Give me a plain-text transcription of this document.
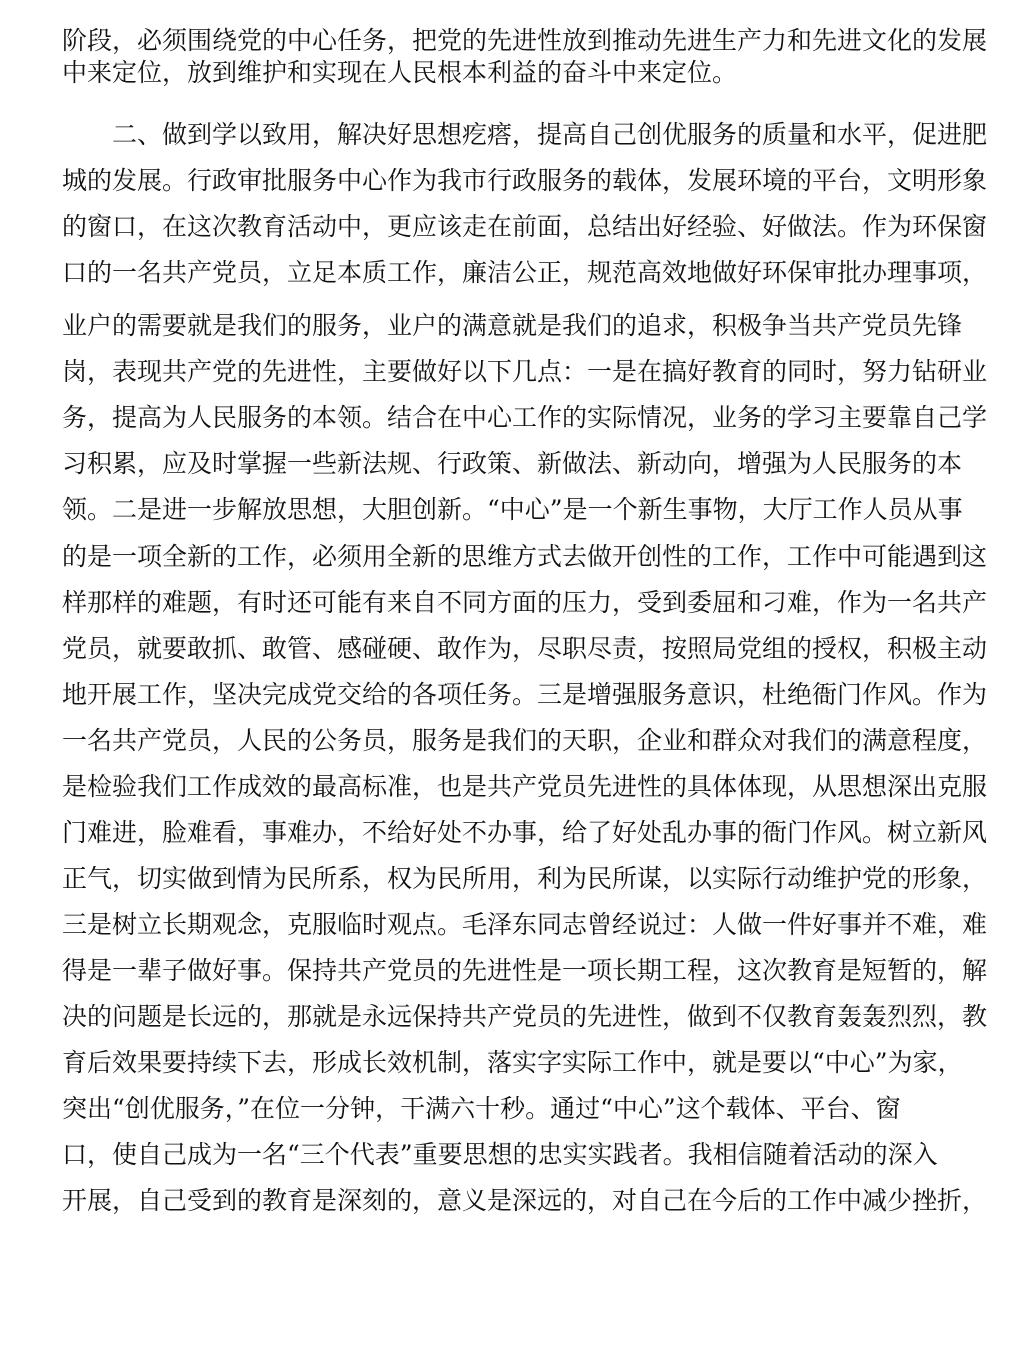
阶段，必须围绕党的中心任务，把党的先进性放到推动先进生产力和先进文化的发展
中来定位，放到维护和实现在人民根本利益的奋斗中来定位。
　　二、做到学以致用，解决好思想疙瘩，提高自己创优服务的质量和水平，促进肥
城的发展。行政审批服务中心作为我市行政服务的载体，发展环境的平台，文明形象
的窗口，在这次教育活动中，更应该走在前面，总结出好经验、好做法。作为环保窗
口的一名共产党员，立足本质工作，廉洁公正，规范高效地做好环保审批办理事项，
业户的需要就是我们的服务，业户的满意就是我们的追求，积极争当共产党员先锋
岗，表现共产党的先进性，主要做好以下几点：一是在搞好教育的同时，努力钻研业
务，提高为人民服务的本领。结合在中心工作的实际情况，业务的学习主要靠自己学
习积累，应及时掌握一些新法规、行政策、新做法、新动向，增强为人民服务的本
领。二是进一步解放思想，大胆创新。“中心”是一个新生事物，大厅工作人员从事
的是一项全新的工作，必须用全新的思维方式去做开创性的工作，工作中可能遇到这
样那样的难题，有时还可能有来自不同方面的压力，受到委屈和刁难，作为一名共产
党员，就要敢抓、敢管、感碰硬、敢作为，尽职尽责，按照局党组的授权，积极主动
地开展工作，坚决完成党交给的各项任务。三是增强服务意识，杜绝衙门作风。作为
一名共产党员，人民的公务员，服务是我们的天职，企业和群众对我们的满意程度，
是检验我们工作成效的最高标准，也是共产党员先进性的具体体现，从思想深出克服
门难进，脸难看，事难办，不给好处不办事，给了好处乱办事的衙门作风。树立新风
正气，切实做到情为民所系，权为民所用，利为民所谋，以实际行动维护党的形象，
三是树立长期观念，克服临时观点。毛泽东同志曾经说过：人做一件好事并不难，难
得是一辈子做好事。保持共产党员的先进性是一项长期工程，这次教育是短暂的，解
决的问题是长远的，那就是永远保持共产党员的先进性，做到不仅教育轰轰烈烈，教
育后效果要持续下去，形成长效机制，落实字实际工作中，就是要以“中心”为家，
突出“创优服务，”在位一分钟，干满六十秒。通过“中心”这个载体、平台、窗
口，使自己成为一名“三个代表”重要思想的忠实实践者。我相信随着活动的深入
开展，自己受到的教育是深刻的，意义是深远的，对自己在今后的工作中减少挫折，
